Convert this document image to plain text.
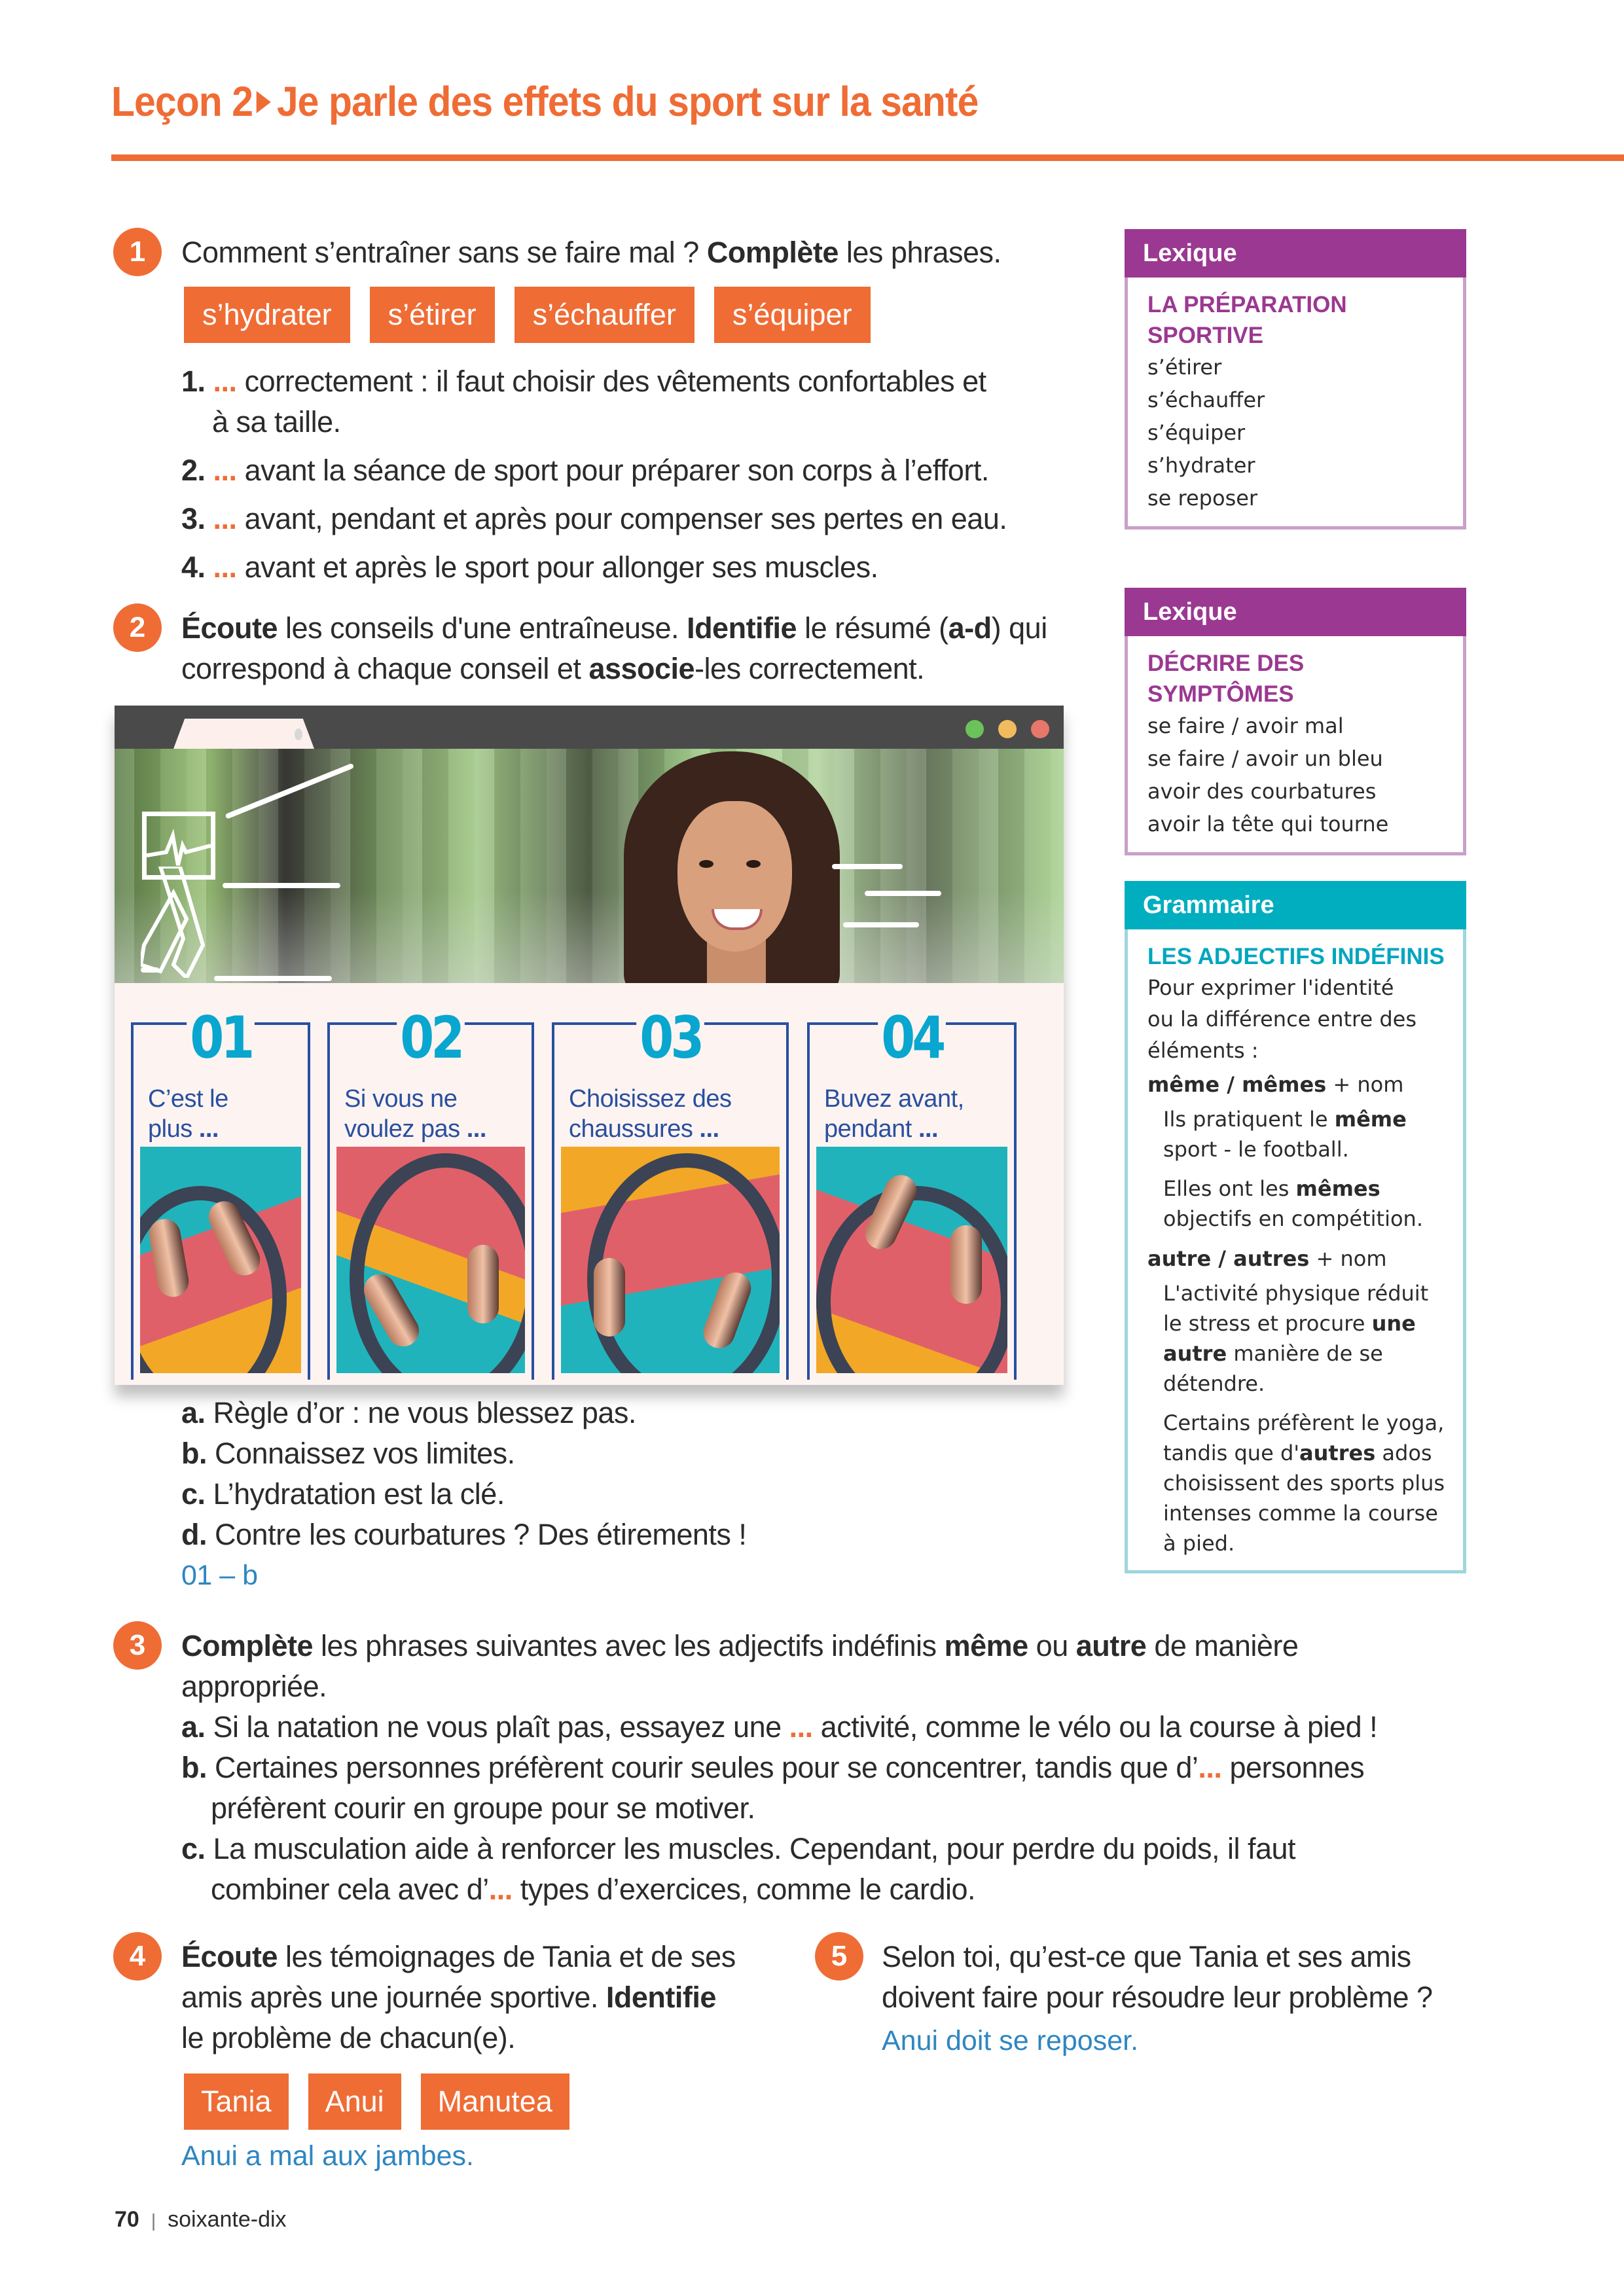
Leçon 2 Je parle des effets du sport sur la santé
1	Comment s’entraîner sans se faire mal ? Complète les phrases.
s’hydrater s’étirer s’échauffer s’équiper
1. ... correctement : il faut choisir des vêtements confortables et
à sa taille.
2. ... avant la séance de sport pour préparer son corps à l’effort.
3. ... avant, pendant et après pour compenser ses pertes en eau.
4. ... avant et après le sport pour allonger ses muscles.
2	Écoute les conseils d'une entraîneuse. Identifie le résumé (a-d) qui
correspond à chaque conseil et associe-les correctement.
01
C’est le
plus ...
02
Si vous ne
voulez pas ...
03
Choisissez des
chaussures ...
04
Buvez avant,
pendant ...
a. Règle d’or : ne vous blessez pas.
b. Connaissez vos limites.
c. L’hydratation est la clé.
d. Contre les courbatures ? Des étirements !
01 – b
Lexique
LA PRÉPARATION
SPORTIVE
s’étirer
s’échauffer
s’équiper
s’hydrater
se reposer
Lexique
DÉCRIRE DES SYMPTÔMES
se faire / avoir mal
se faire / avoir un bleu
avoir des courbatures
avoir la tête qui tourne
Grammaire
LES ADJECTIFS INDÉFINIS
Pour exprimer l'identité
ou la différence entre des
éléments :
même / mêmes + nom
Ils pratiquent le même
sport - le football.
Elles ont les mêmes
objectifs en compétition.
autre / autres + nom
L'activité physique réduit
le stress et procure une
autre manière de se
détendre.
Certains préfèrent le yoga,
tandis que d'autres ados
choisissent des sports plus
intenses comme la course
à pied.
3	Complète les phrases suivantes avec les adjectifs indéfinis même ou autre de manière
appropriée.
a. Si la natation ne vous plaît pas, essayez une ... activité, comme le vélo ou la course à pied !
b. Certaines personnes préfèrent courir seules pour se concentrer, tandis que d’... personnes
préfèrent courir en groupe pour se motiver.
c. La musculation aide à renforcer les muscles. Cependant, pour perdre du poids, il faut
combiner cela avec d’... types d’exercices, comme le cardio.
4	Écoute les témoignages de Tania et de ses
amis après une journée sportive. Identifie
le problème de chacun(e).
Tania Anui Manutea
Anui a mal aux jambes.
5	Selon toi, qu’est-ce que Tania et ses amis
doivent faire pour résoudre leur problème ?
Anui doit se reposer.
70 | soixante-dix
